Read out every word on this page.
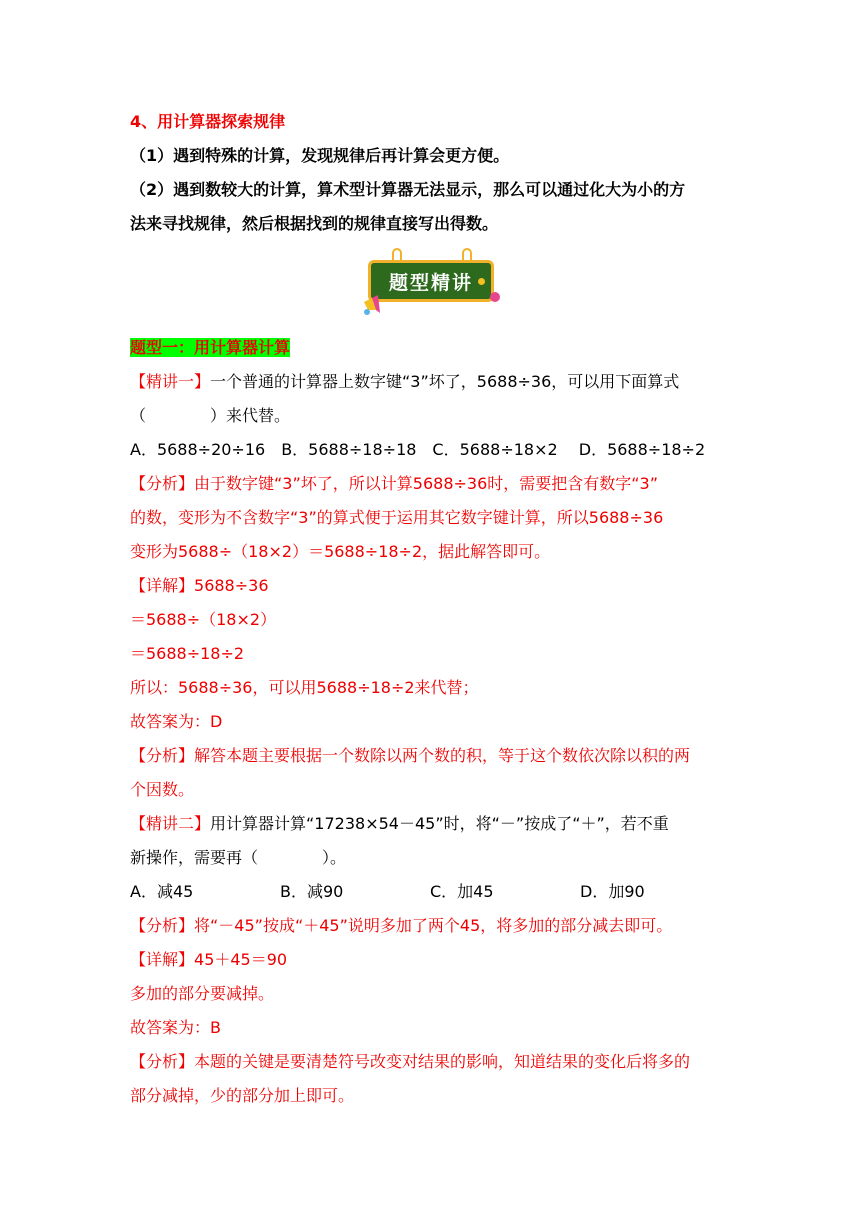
4、用计算器探索规律
（1）遇到特殊的计算，发现规律后再计算会更方便。
（2）遇到数较大的计算，算术型计算器无法显示，那么可以通过化大为小的方
法来寻找规律，然后根据找到的规律直接写出得数。
题型精讲
题型一：用计算器计算
【精讲一】一个普通的计算器上数字键“3”坏了，5688÷36，可以用下面算式
（　　　　）来代替。
A．5688÷20÷16　B．5688÷18÷18　C．5688÷18×2　 D．5688÷18÷2
【分析】由于数字键“3”坏了，所以计算5688÷36时，需要把含有数字“3”
的数，变形为不含数字“3”的算式便于运用其它数字键计算，所以5688÷36
变形为5688÷（18×2）＝5688÷18÷2，据此解答即可。
【详解】5688÷36
＝5688÷（18×2）
＝5688÷18÷2
所以：5688÷36，可以用5688÷18÷2来代替；
故答案为：D
【分析】解答本题主要根据一个数除以两个数的积，等于这个数依次除以积的两
个因数。
【精讲二】用计算器计算“17238×54－45”时，将“－”按成了“＋”，若不重
新操作，需要再（　　　　）。
A．减45	B．减90	C．加45	D．加90
【分析】将“－45”按成“＋45”说明多加了两个45，将多加的部分减去即可。
【详解】45＋45＝90
多加的部分要减掉。
故答案为：B
【分析】本题的关键是要清楚符号改变对结果的影响，知道结果的变化后将多的
部分减掉，少的部分加上即可。
